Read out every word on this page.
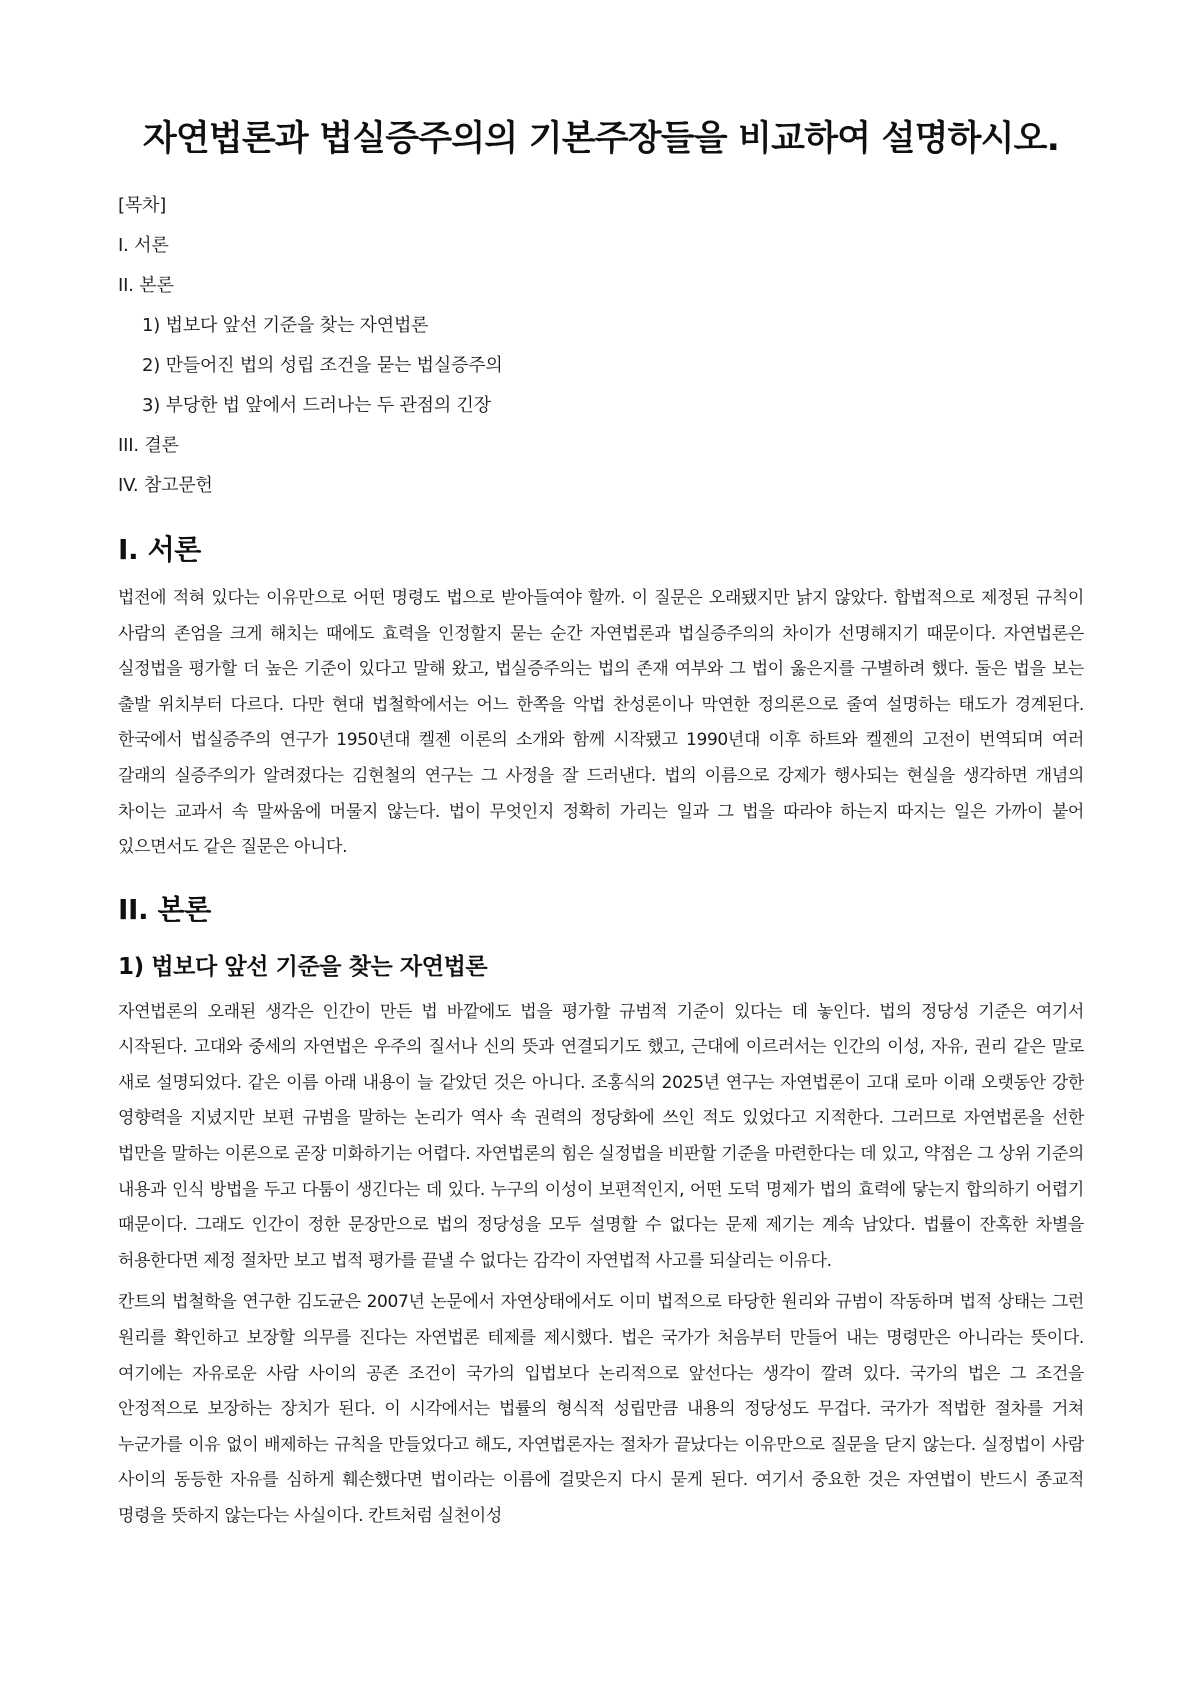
자연법론과 법실증주의의 기본주장들을 비교하여 설명하시오.
[목차]
I. 서론
II. 본론
1) 법보다 앞선 기준을 찾는 자연법론
2) 만들어진 법의 성립 조건을 묻는 법실증주의
3) 부당한 법 앞에서 드러나는 두 관점의 긴장
III. 결론
IV. 참고문헌
I. 서론

법전에 적혀 있다는 이유만으로 어떤 명령도 법으로 받아들여야 할까. 이 질문은 오래됐지만 낡지 않았다. 합법적으로 제정된 규칙이 사람의 존엄을 크게 해치는 때에도 효력을 인정할지 묻는 순간 자연법론과 법실증주의의 차이가 선명해지기 때문이다. 자연법론은 실정법을 평가할 더 높은 기준이 있다고 말해 왔고, 법실증주의는 법의 존재 여부와 그 법이 옳은지를 구별하려 했다. 둘은 법을 보는 출발 위치부터 다르다. 다만 현대 법철학에서는 어느 한쪽을 악법 찬성론이나 막연한 정의론으로 줄여 설명하는 태도가 경계된다. 한국에서 법실증주의 연구가 1950년대 켈젠 이론의 소개와 함께 시작됐고 1990년대 이후 하트와 켈젠의 고전이 번역되며 여러 갈래의 실증주의가 알려졌다는 김현철의 연구는 그 사정을 잘 드러낸다. 법의 이름으로 강제가 행사되는 현실을 생각하면 개념의 차이는 교과서 속 말싸움에 머물지 않는다. 법이 무엇인지 정확히 가리는 일과 그 법을 따라야 하는지 따지는 일은 가까이 붙어 있으면서도 같은 질문은 아니다.

II. 본론
1) 법보다 앞선 기준을 찾는 자연법론

자연법론의 오래된 생각은 인간이 만든 법 바깥에도 법을 평가할 규범적 기준이 있다는 데 놓인다. 법의 정당성 기준은 여기서 시작된다. 고대와 중세의 자연법은 우주의 질서나 신의 뜻과 연결되기도 했고, 근대에 이르러서는 인간의 이성, 자유, 권리 같은 말로 새로 설명되었다. 같은 이름 아래 내용이 늘 같았던 것은 아니다. 조홍식의 2025년 연구는 자연법론이 고대 로마 이래 오랫동안 강한 영향력을 지녔지만 보편 규범을 말하는 논리가 역사 속 권력의 정당화에 쓰인 적도 있었다고 지적한다. 그러므로 자연법론을 선한 법만을 말하는 이론으로 곧장 미화하기는 어렵다. 자연법론의 힘은 실정법을 비판할 기준을 마련한다는 데 있고, 약점은 그 상위 기준의 내용과 인식 방법을 두고 다툼이 생긴다는 데 있다. 누구의 이성이 보편적인지, 어떤 도덕 명제가 법의 효력에 닿는지 합의하기 어렵기 때문이다. 그래도 인간이 정한 문장만으로 법의 정당성을 모두 설명할 수 없다는 문제 제기는 계속 남았다. 법률이 잔혹한 차별을 허용한다면 제정 절차만 보고 법적 평가를 끝낼 수 없다는 감각이 자연법적 사고를 되살리는 이유다.

칸트의 법철학을 연구한 김도균은 2007년 논문에서 자연상태에서도 이미 법적으로 타당한 원리와 규범이 작동하며 법적 상태는 그런 원리를 확인하고 보장할 의무를 진다는 자연법론 테제를 제시했다. 법은 국가가 처음부터 만들어 내는 명령만은 아니라는 뜻이다. 여기에는 자유로운 사람 사이의 공존 조건이 국가의 입법보다 논리적으로 앞선다는 생각이 깔려 있다. 국가의 법은 그 조건을 안정적으로 보장하는 장치가 된다. 이 시각에서는 법률의 형식적 성립만큼 내용의 정당성도 무겁다. 국가가 적법한 절차를 거쳐 누군가를 이유 없이 배제하는 규칙을 만들었다고 해도, 자연법론자는 절차가 끝났다는 이유만으로 질문을 닫지 않는다. 실정법이 사람 사이의 동등한 자유를 심하게 훼손했다면 법이라는 이름에 걸맞은지 다시 묻게 된다. 여기서 중요한 것은 자연법이 반드시 종교적 명령을 뜻하지 않는다는 사실이다. 칸트처럼 실천이성
